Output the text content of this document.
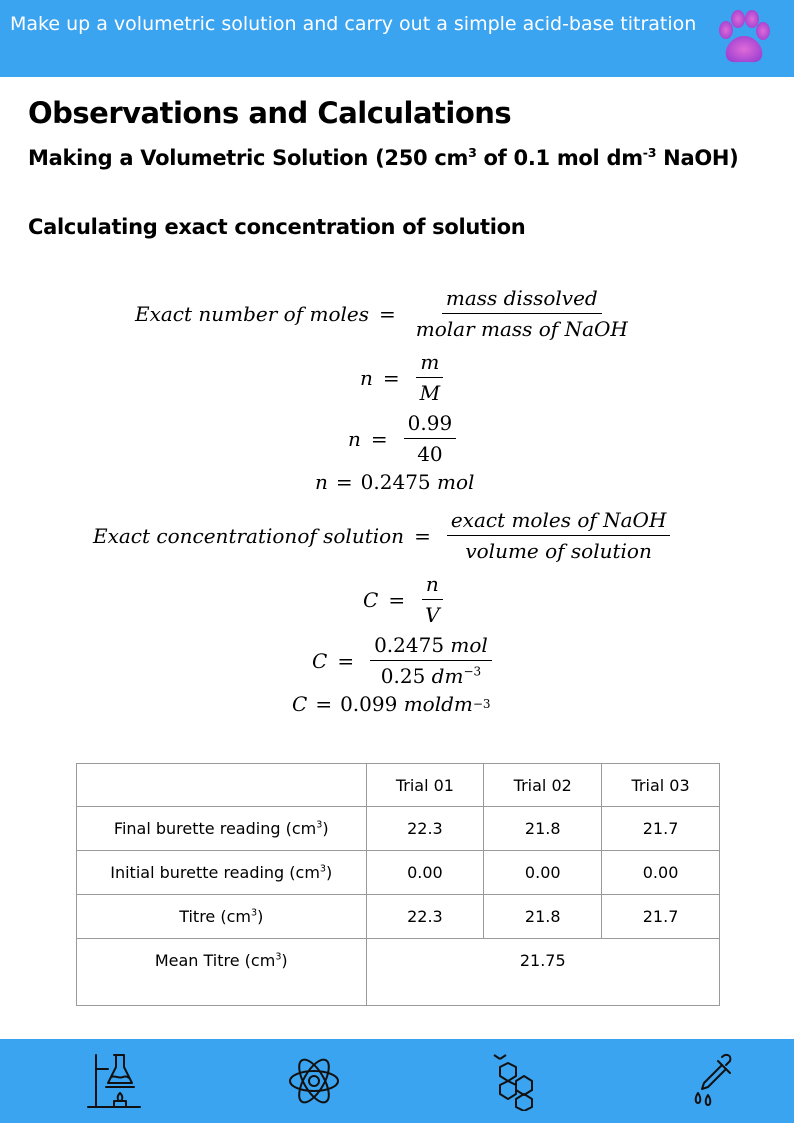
Make up a volumetric solution and carry out a simple acid-base titration
Observations and Calculations
Making a Volumetric Solution (250 $cm^3$ of 0.1 mol $dm^{-3}$ NaOH)
Calculating exact concentration of solution
Exact number of moles = $\frac{\text{mass dissolved}}{\text{molar mass of NaOH}}$
$n = \frac{m}{M}$
$n = \frac{0.99}{40}$
n = 0.2475
mol
Exact concentrationof solution = $\frac{\text{exact moles of NaOH}}{\text{volume of solution}}$
$C = \frac{n}{V}$
$C = \frac{\text{0.2475 mol}}{0.25 dm^{-3}}$
C = 0.099
moldm −3
	Trial 01	Trial 02	Trial 03
Final burette reading $(cm^3)$	22.3	21.8	21.7
Initial burette reading $(cm^3)$	0.00	0.00	0.00
Titre $(cm^3)$	22.3	21.8	21.7
Mean Titre $(cm^3)$	21.75		
